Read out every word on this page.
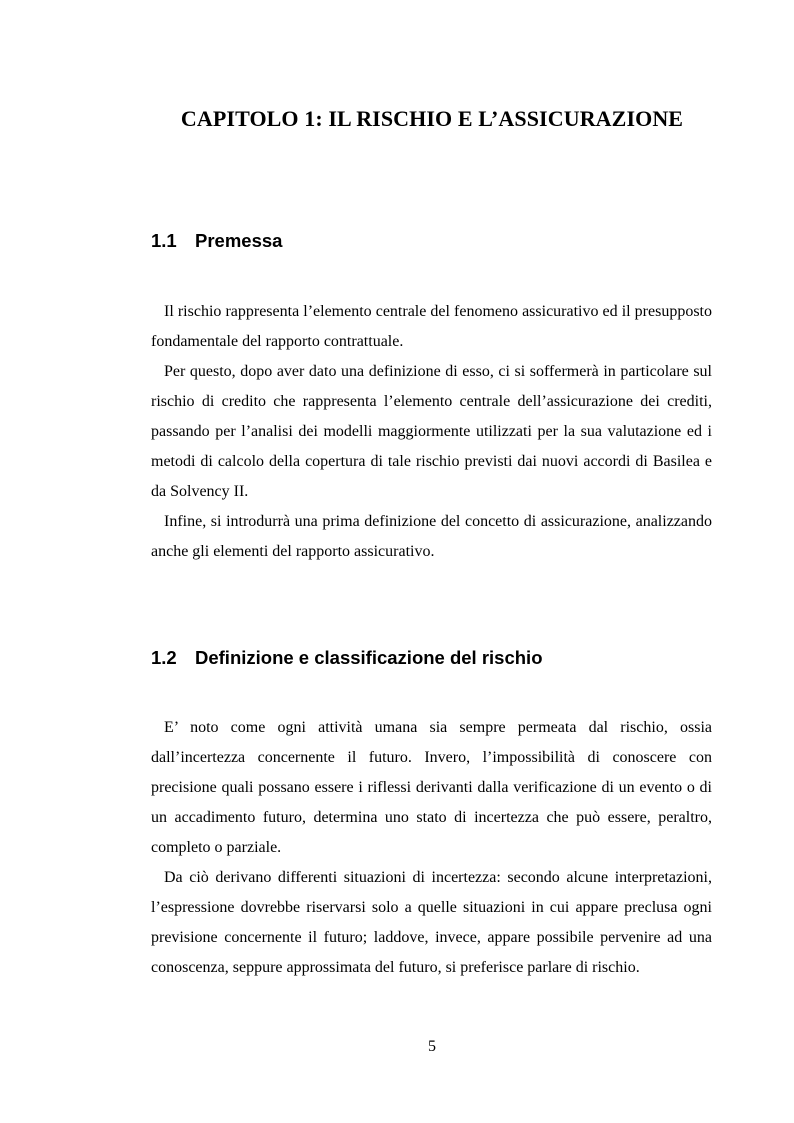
CAPITOLO 1: IL RISCHIO E L’ASSICURAZIONE
1.1 Premessa

Il rischio rappresenta l’elemento centrale del fenomeno assicurativo ed il presupposto fondamentale del rapporto contrattuale.

Per questo, dopo aver dato una definizione di esso, ci si soffermerà in particolare sul rischio di credito che rappresenta l’elemento centrale dell’assicurazione dei crediti, passando per l’analisi dei modelli maggiormente utilizzati per la sua valutazione ed i metodi di calcolo della copertura di tale rischio previsti dai nuovi accordi di Basilea e da Solvency II.

Infine, si introdurrà una prima definizione del concetto di assicurazione, analizzando anche gli elementi del rapporto assicurativo.

1.2 Definizione e classificazione del rischio

E’ noto come ogni attività umana sia sempre permeata dal rischio, ossia dall’incertezza concernente il futuro. Invero, l’impossibilità di conoscere con precisione quali possano essere i riflessi derivanti dalla verificazione di un evento o di un accadimento futuro, determina uno stato di incertezza che può essere, peraltro, completo o parziale.

Da ciò derivano differenti situazioni di incertezza: secondo alcune interpretazioni, l’espressione dovrebbe riservarsi solo a quelle situazioni in cui appare preclusa ogni previsione concernente il futuro; laddove, invece, appare possibile pervenire ad una conoscenza, seppure approssimata del futuro, si preferisce parlare di rischio.

5
